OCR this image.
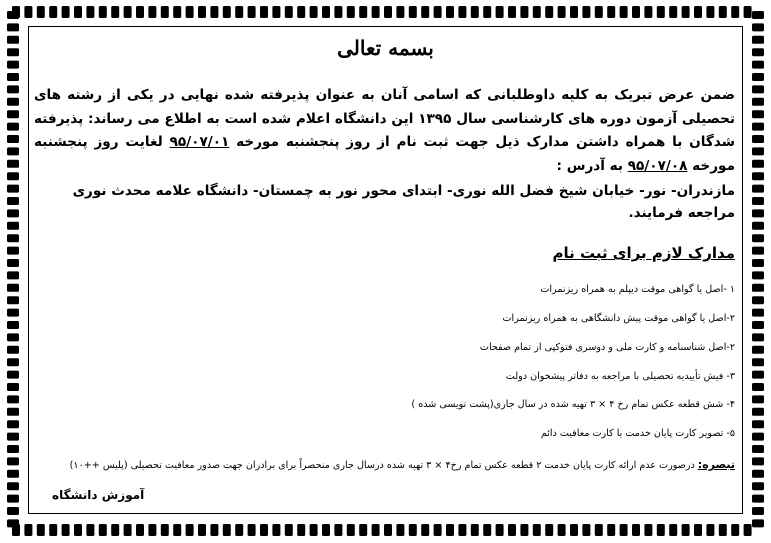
بسمه تعالی
ضمن عرض تبریک به کلیه داوطلبانی که اسامی آنان به عنوان پذیرفته شده نهایی در یکی از رشته های تحصیلی آزمون دوره های کارشناسی سال ۱۳۹۵ این دانشگاه اعلام شده است به اطلاع می رساند: پذیرفته شدگان با همراه داشتن مدارک ذیل جهت ثبت نام از روز پنجشنبه مورخه ۹۵/۰۷/۰۱ لغایت روز پنجشنبه مورخه ۹۵/۰۷/۰۸ به آدرس :
مازندران- نور- خیابان شیخ فضل الله نوری- ابتدای محور نور به چمستان- دانشگاه علامه محدث نوری مراجعه فرمایند.
مدارک لازم برای ثبت نام
۱ -اصل یا گواهی موقت دیپلم به همراه ریزنمرات
۲-اصل یا گواهی موقت پیش دانشگاهی به همراه ریزنمرات
۲-اصل شناسنامه و کارت ملی و دوسری فتوکپی از تمام صفحات
۳- فیش تأییدیه تحصیلی با مراجعه به دفاتر پیشخوان دولت
۴- شش قطعه عکس تمام رخ ۴ × ۳ تهیه شده در سال جاری(پشت نویسی شده )
۵- تصویر کارت پایان خدمت یا کارت معافیت دائم
تبصره: درصورت عدم ارائه کارت پایان خدمت ۲ قطعه عکس تمام رخ۴ × ۳ تهیه شده درسال جاری منحصراً برای برادران جهت صدور معافیت تحصیلی (پلیس ++۱۰)
آموزش دانشگاه
